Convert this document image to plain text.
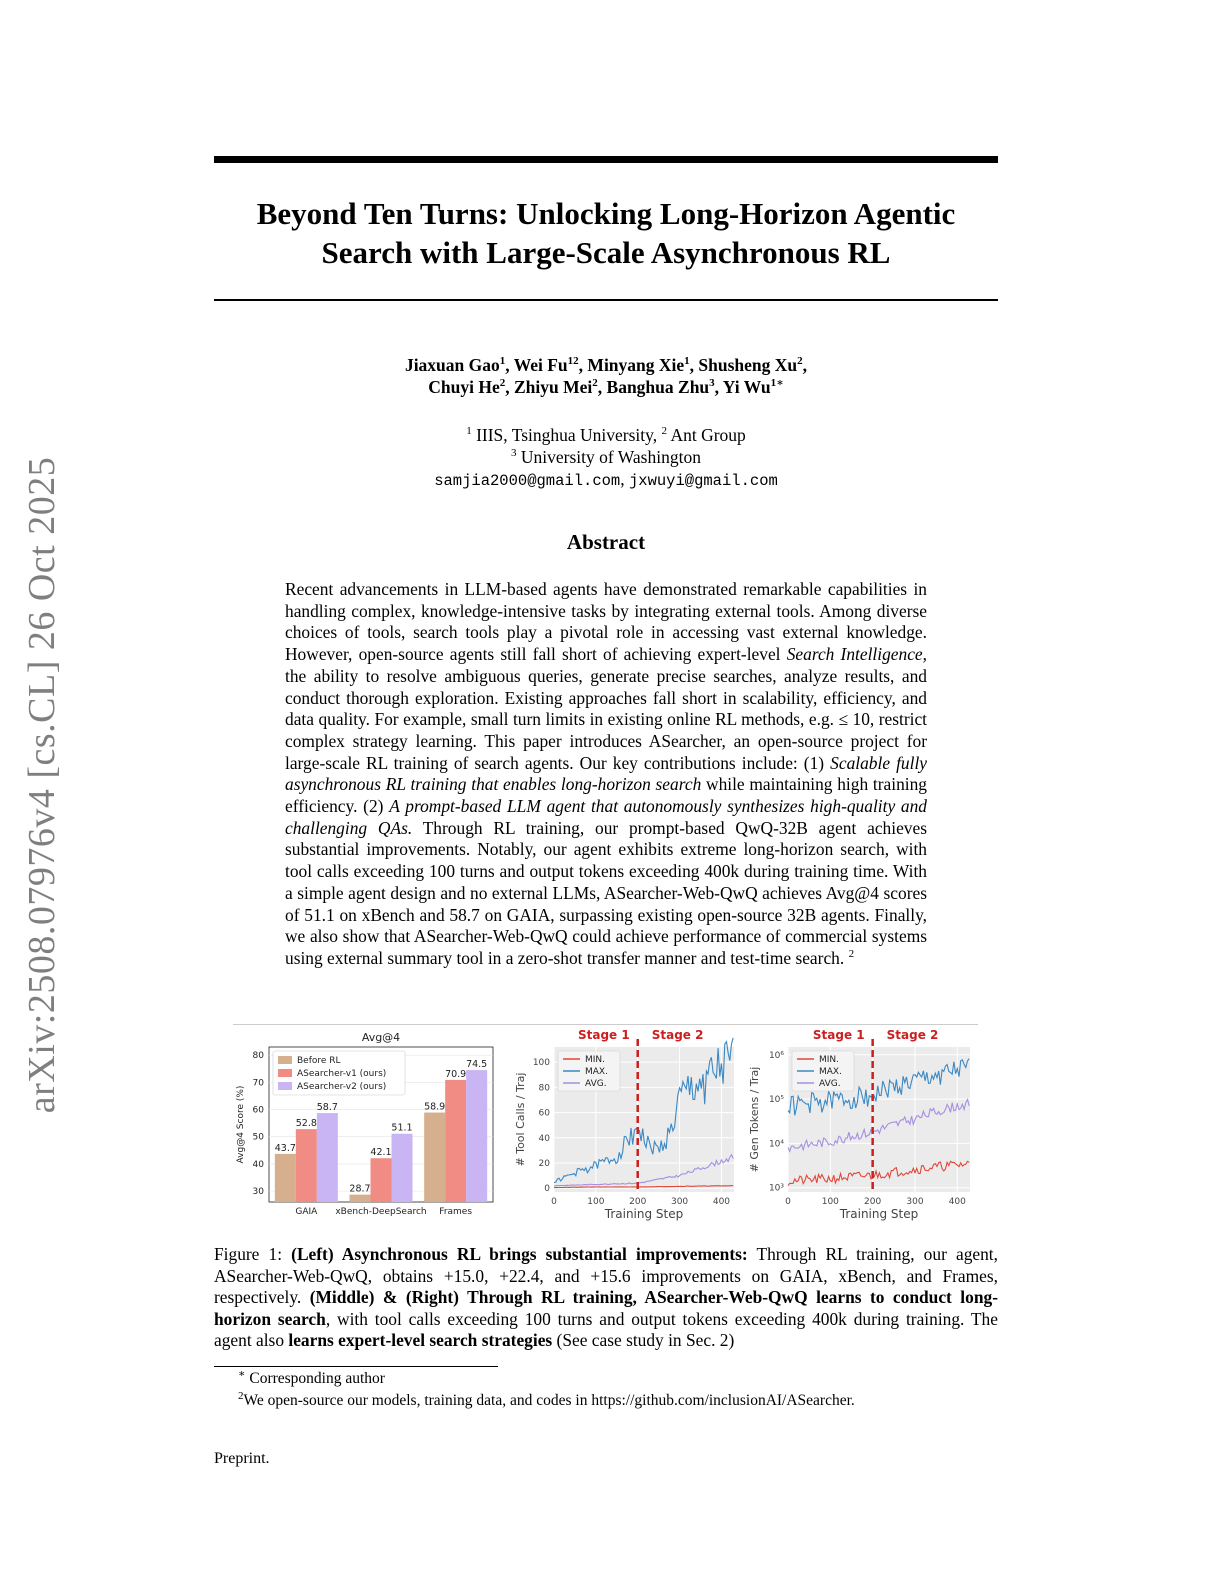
arXiv:2508.07976v4 [cs.CL] 26 Oct 2025
Beyond Ten Turns: Unlocking Long-Horizon Agentic
Search with Large-Scale Asynchronous RL
Jiaxuan Gao$^1$, Wei Fu$^{12}$, Minyang Xie$^1$, Shusheng Xu$^2$,
Chuyi He$^2$, Zhiyu Mei$^2$, Banghua Zhu$^3$, Yi $Wu^{1∗}$
$^1$ IIIS, Tsinghua University, $^2$ Ant Group
$^3$ University of Washington
samjia2000@gmail.com, jxwuyi@gmail.com
Abstract
Recent advancements in LLM-based agents have demonstrated remarkable capabilities in handling complex, knowledge-intensive tasks by integrating external tools. Among diverse choices of tools, search tools play a pivotal role in accessing vast external knowledge. However, open-source agents still fall short of achieving expert-level Search Intelligence, the ability to resolve ambiguous queries, generate precise searches, analyze results, and conduct thorough exploration. Existing approaches fall short in scalability, efficiency, and data quality. For example, small turn limits in existing online RL methods, e.g. ≤ 10, restrict complex strategy learning. This paper introduces ASearcher, an open-source project for large-scale RL training of search agents. Our key contributions include: (1) Scalable fully asynchronous RL training that enables long-horizon search while maintaining high training efficiency. (2) A prompt-based LLM agent that autonomously synthesizes high-quality and challenging QAs. Through RL training, our prompt-based QwQ-32B agent achieves substantial improvements. Notably, our agent exhibits extreme long-horizon search, with tool calls exceeding 100 turns and output tokens exceeding 400k during training time. With a simple agent design and no external LLMs, ASearcher-Web-QwQ achieves Avg@4 scores of 51.1 on xBench and 58.7 on GAIA, surpassing existing open-source 32B agents. Finally, we also show that ASearcher-Web-QwQ could achieve performance of commercial systems using external summary tool in a zero-shot transfer manner and test-time search. $^2$
Avg@4
30
40
50
60
70
80
Avg@4 Score (%)	43.7
52.8
58.7
GAIA
28.7
42.1
51.1
xBench-DeepSearch
58.9
70.9
74.5
Frames
Before RL
ASearcher-v1 (ours)
ASearcher-v2 (ours)
0	100	200	300	400
0
20
40
60
80
100
Training Step
# Tool Calls / Traj
Stage 1 Stage 2
MIN.
MAX.
AVG.
0	100	200	300	400
10³
10⁴
10⁵
10⁶
Training Step
# Gen Tokens / Traj
Stage 1 Stage 2
MIN.
MAX.
AVG.
Figure 1: (Left) Asynchronous RL brings substantial improvements: Through RL training, our agent, ASearcher-Web-QwQ, obtains +15.0, +22.4, and +15.6 improvements on GAIA, xBench, and Frames, respectively. (Middle) & (Right) Through RL training, ASearcher-Web-QwQ learns to conduct long-horizon search, with tool calls exceeding 100 turns and output tokens exceeding 400k during training. The agent also learns expert-level search strategies (See case study in Sec. 2)
∗ Corresponding author
$^2$We open-source our models, training data, and codes in https://github.com/inclusionAI/ASearcher.
Preprint.
